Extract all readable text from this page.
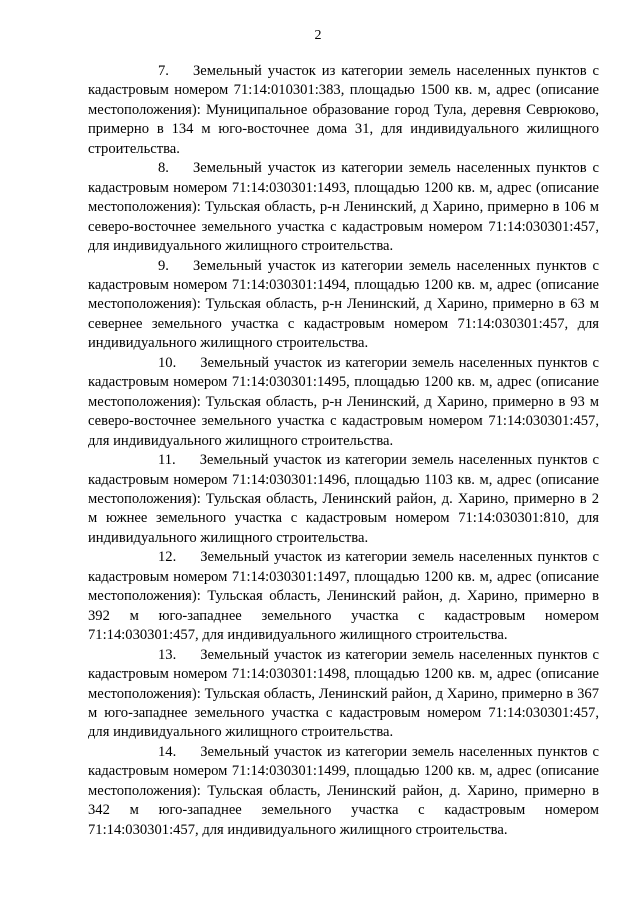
2

7. Земельный участок из категории земель населенных пунктов с кадастровым номером 71:14:010301:383, площадью 1500 кв. м, адрес (описание местоположения): Муниципальное образование город Тула, деревня Севрюково, примерно в 134 м юго-восточнее дома 31, для индивидуального жилищного строительства.

8. Земельный участок из категории земель населенных пунктов с кадастровым номером 71:14:030301:1493, площадью 1200 кв. м, адрес (описание местоположения): Тульская область, р-н Ленинский, д Харино, примерно в 106 м северо-восточнее земельного участка с кадастровым номером 71:14:030301:457, для индивидуального жилищного строительства.

9. Земельный участок из категории земель населенных пунктов с кадастровым номером 71:14:030301:1494, площадью 1200 кв. м, адрес (описание местоположения): Тульская область, р-н Ленинский, д Харино, примерно в 63 м севернее земельного участка с кадастровым номером 71:14:030301:457, для индивидуального жилищного строительства.

10. Земельный участок из категории земель населенных пунктов с кадастровым номером 71:14:030301:1495, площадью 1200 кв. м, адрес (описание местоположения): Тульская область, р-н Ленинский, д Харино, примерно в 93 м северо-восточнее земельного участка с кадастровым номером 71:14:030301:457, для индивидуального жилищного строительства.

11. Земельный участок из категории земель населенных пунктов с кадастровым номером 71:14:030301:1496, площадью 1103 кв. м, адрес (описание местоположения): Тульская область, Ленинский район, д. Харино, примерно в 2 м южнее земельного участка с кадастровым номером 71:14:030301:810, для индивидуального жилищного строительства.

12. Земельный участок из категории земель населенных пунктов с кадастровым номером 71:14:030301:1497, площадью 1200 кв. м, адрес (описание местоположения): Тульская область, Ленинский район, д. Харино, примерно в 392 м юго-западнее земельного участка с кадастровым номером 71:14:030301:457, для индивидуального жилищного строительства.

13. Земельный участок из категории земель населенных пунктов с кадастровым номером 71:14:030301:1498, площадью 1200 кв. м, адрес (описание местоположения): Тульская область, Ленинский район, д Харино, примерно в 367 м юго-западнее земельного участка с кадастровым номером 71:14:030301:457, для индивидуального жилищного строительства.

14. Земельный участок из категории земель населенных пунктов с кадастровым номером 71:14:030301:1499, площадью 1200 кв. м, адрес (описание местоположения): Тульская область, Ленинский район, д. Харино, примерно в 342 м юго-западнее земельного участка с кадастровым номером 71:14:030301:457, для индивидуального жилищного строительства.
